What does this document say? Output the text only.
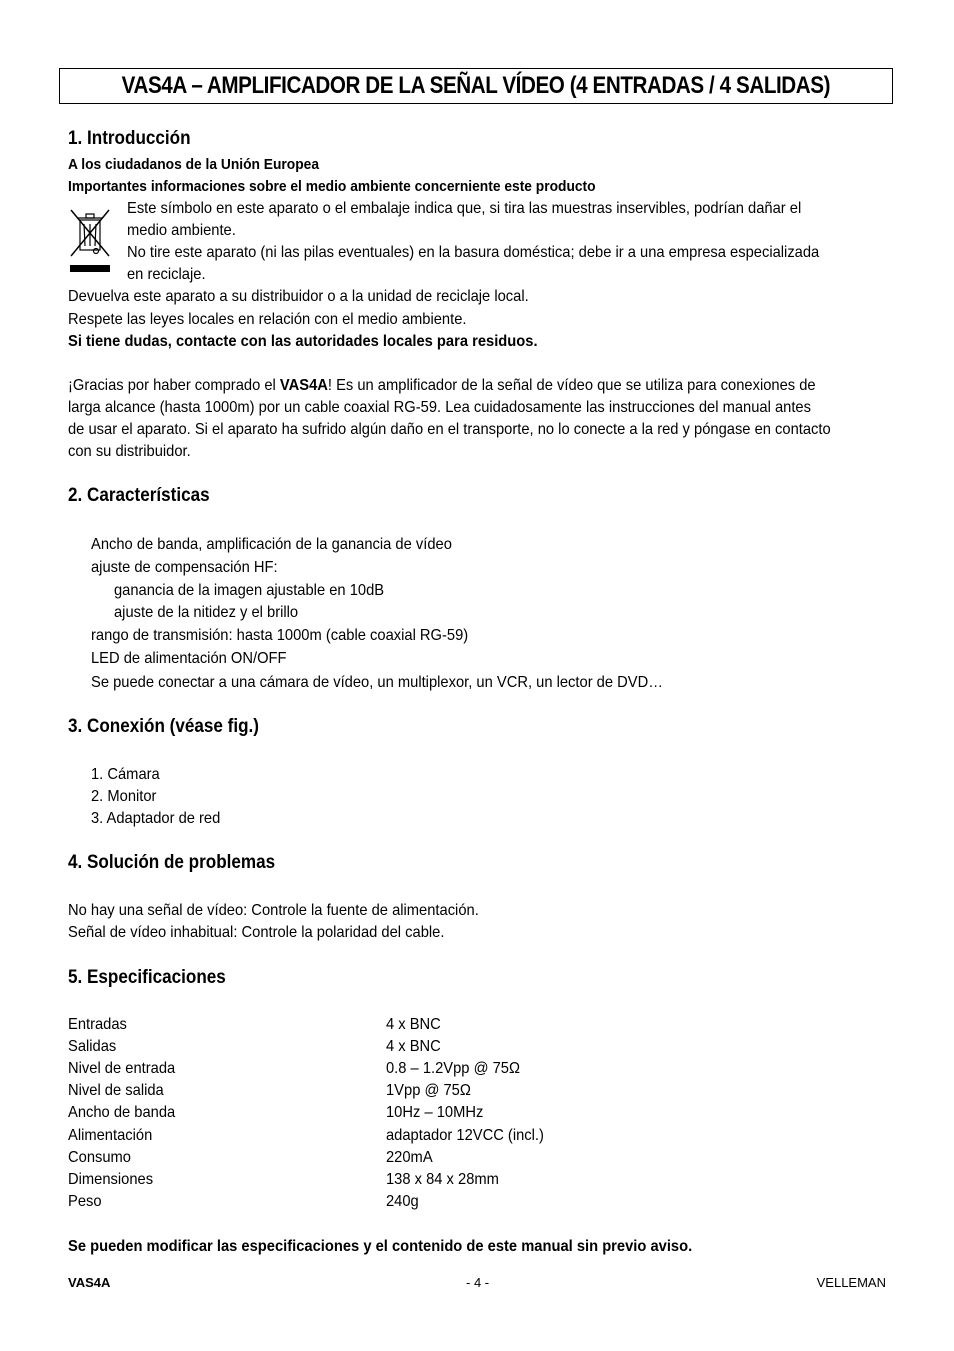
VAS4A – AMPLIFICADOR DE LA SEÑAL VÍDEO (4 ENTRADAS / 4 SALIDAS)
1. Introducción
A los ciudadanos de la Unión Europea
Importantes informaciones sobre el medio ambiente concerniente este producto
Este símbolo en este aparato o el embalaje indica que, si tira las muestras inservibles, podrían dañar el
medio ambiente.
No tire este aparato (ni las pilas eventuales) en la basura doméstica; debe ir a una empresa especializada
en reciclaje.
Devuelva este aparato a su distribuidor o a la unidad de reciclaje local.
Respete las leyes locales en relación con el medio ambiente.
Si tiene dudas, contacte con las autoridades locales para residuos.
¡Gracias por haber comprado el VAS4A! Es un amplificador de la señal de vídeo que se utiliza para conexiones de
larga alcance (hasta 1000m) por un cable coaxial RG-59. Lea cuidadosamente las instrucciones del manual antes
de usar el aparato. Si el aparato ha sufrido algún daño en el transporte, no lo conecte a la red y póngase en contacto
con su distribuidor.
2. Características
Ancho de banda, amplificación de la ganancia de vídeo
ajuste de compensación HF:
ganancia de la imagen ajustable en 10dB
ajuste de la nitidez y el brillo
rango de transmisión: hasta 1000m (cable coaxial RG-59)
LED de alimentación ON/OFF
Se puede conectar a una cámara de vídeo, un multiplexor, un VCR, un lector de DVD…
3. Conexión (véase fig.)
1. Cámara
2. Monitor
3. Adaptador de red
4. Solución de problemas
No hay una señal de vídeo: Controle la fuente de alimentación.
Señal de vídeo inhabitual: Controle la polaridad del cable.
5. Especificaciones
Entradas	4 x BNC
Salidas	4 x BNC
Nivel de entrada	0.8 – 1.2Vpp @ 75Ω
Nivel de salida	1Vpp @ 75Ω
Ancho de banda	10Hz – 10MHz
Alimentación	adaptador 12VCC (incl.)
Consumo	220mA
Dimensiones	138 x 84 x 28mm
Peso	240g
Se pueden modificar las especificaciones y el contenido de este manual sin previo aviso.
VAS4A	- 4 -	VELLEMAN
